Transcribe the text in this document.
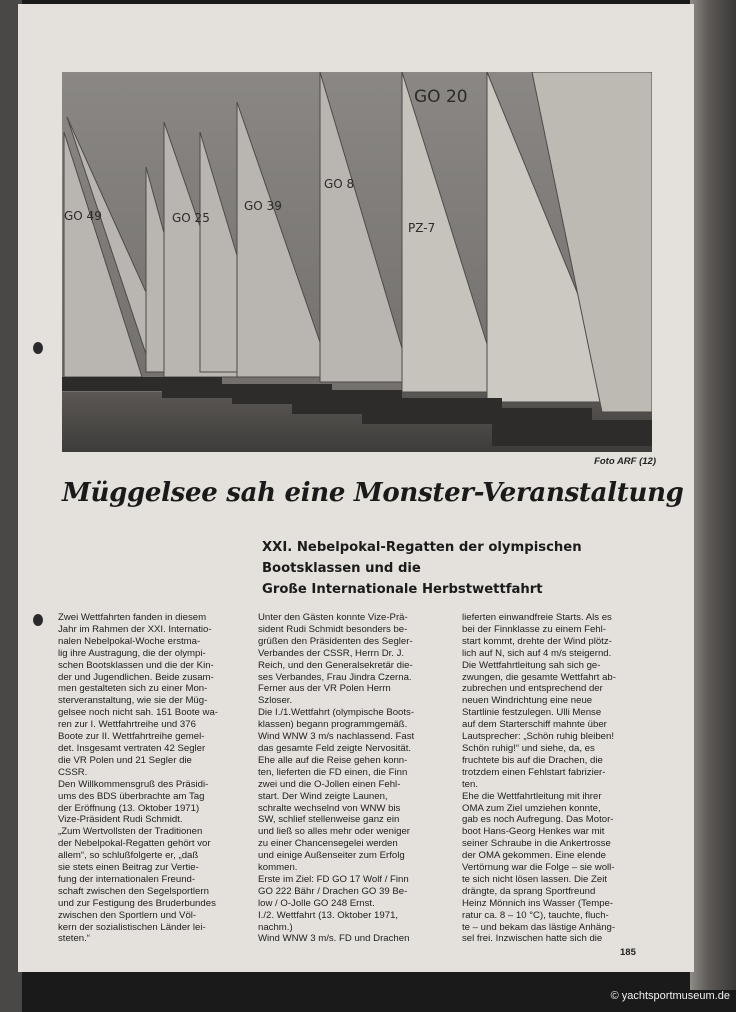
GO 49	GO 25
GO 39
GO 8
GO 20
PZ-7
Foto ARF (12)
Müggelsee sah eine Monster-Veranstaltung
XXI. Nebelpokal-Regatten der olympischen
Bootsklassen und die
Große Internationale Herbstwettfahrt
Zwei Wettfahrten fanden in diesem
Jahr im Rahmen der XXI. Internatio-
nalen Nebelpokal-Woche erstma-
lig ihre Austragung, die der olympi-
schen Bootsklassen und die der Kin-
der und Jugendlichen. Beide zusam-
men gestalteten sich zu einer Mon-
sterveranstaltung, wie sie der Müg-
gelsee noch nicht sah. 151 Boote wa-
ren zur I. Wettfahrtreihe und 376
Boote zur II. Wettfahrtreihe gemel-
det. Insgesamt vertraten 42 Segler
die VR Polen und 21 Segler die
CSSR.
Den Willkommensgruß des Präsidi-
ums des BDS überbrachte am Tag
der Eröffnung (13. Oktober 1971)
Vize-Präsident Rudi Schmidt.
„Zum Wertvollsten der Traditionen
der Nebelpokal-Regatten gehört vor
allem“, so schlußfolgerte er, „daß
sie stets einen Beitrag zur Vertie-
fung der internationalen Freund-
schaft zwischen den Segelsportlern
und zur Festigung des Bruderbundes
zwischen den Sportlern und Völ-
kern der sozialistischen Länder lei-
steten.“
Unter den Gästen konnte Vize-Prä-
sident Rudi Schmidt besonders be-
grüßen den Präsidenten des Segler-
Verbandes der CSSR, Herrn Dr. J.
Reich, und den Generalsekretär die-
ses Verbandes, Frau Jindra Czerna.
Ferner aus der VR Polen Herrn
Szloser.
Die I./1.Wettfahrt (olympische Boots-
klassen) begann programmgemäß.
Wind WNW 3 m/s nachlassend. Fast
das gesamte Feld zeigte Nervosität.
Ehe alle auf die Reise gehen konn-
ten, lieferten die FD einen, die Finn
zwei und die O-Jollen einen Fehl-
start. Der Wind zeigte Launen,
schralte wechselnd von WNW bis
SW, schlief stellenweise ganz ein
und ließ so alles mehr oder weniger
zu einer Chancensegelei werden
und einige Außenseiter zum Erfolg
kommen.
Erste im Ziel: FD GO 17 Wolf / Finn
GO 222 Bähr / Drachen GO 39 Be-
low / O-Jolle GO 248 Ernst.
I./2. Wettfahrt (13. Oktober 1971,
nachm.)
Wind WNW 3 m/s. FD und Drachen
lieferten einwandfreie Starts. Als es
bei der Finnklasse zu einem Fehl-
start kommt, drehte der Wind plötz-
lich auf N, sich auf 4 m/s steigernd.
Die Wettfahrtleitung sah sich ge-
zwungen, die gesamte Wettfahrt ab-
zubrechen und entsprechend der
neuen Windrichtung eine neue
Startlinie festzulegen. Ulli Mense
auf dem Starterschiff mahnte über
Lautsprecher: „Schön ruhig bleiben!
Schön ruhig!“ und siehe, da, es
fruchtete bis auf die Drachen, die
trotzdem einen Fehlstart fabrizier-
ten.
Ehe die Wettfahrtleitung mit ihrer
OMA zum Ziel umziehen konnte,
gab es noch Aufregung. Das Motor-
boot Hans-Georg Henkes war mit
seiner Schraube in die Ankertrosse
der OMA gekommen. Eine elende
Vertörnung war die Folge – sie woll-
te sich nicht lösen lassen. Die Zeit
drängte, da sprang Sportfreund
Heinz Mönnich ins Wasser (Tempe-
ratur ca. 8 – 10 °C), tauchte, fluch-
te – und bekam das lästige Anhäng-
sel frei. Inzwischen hatte sich die
185
© yachtsportmuseum.de
